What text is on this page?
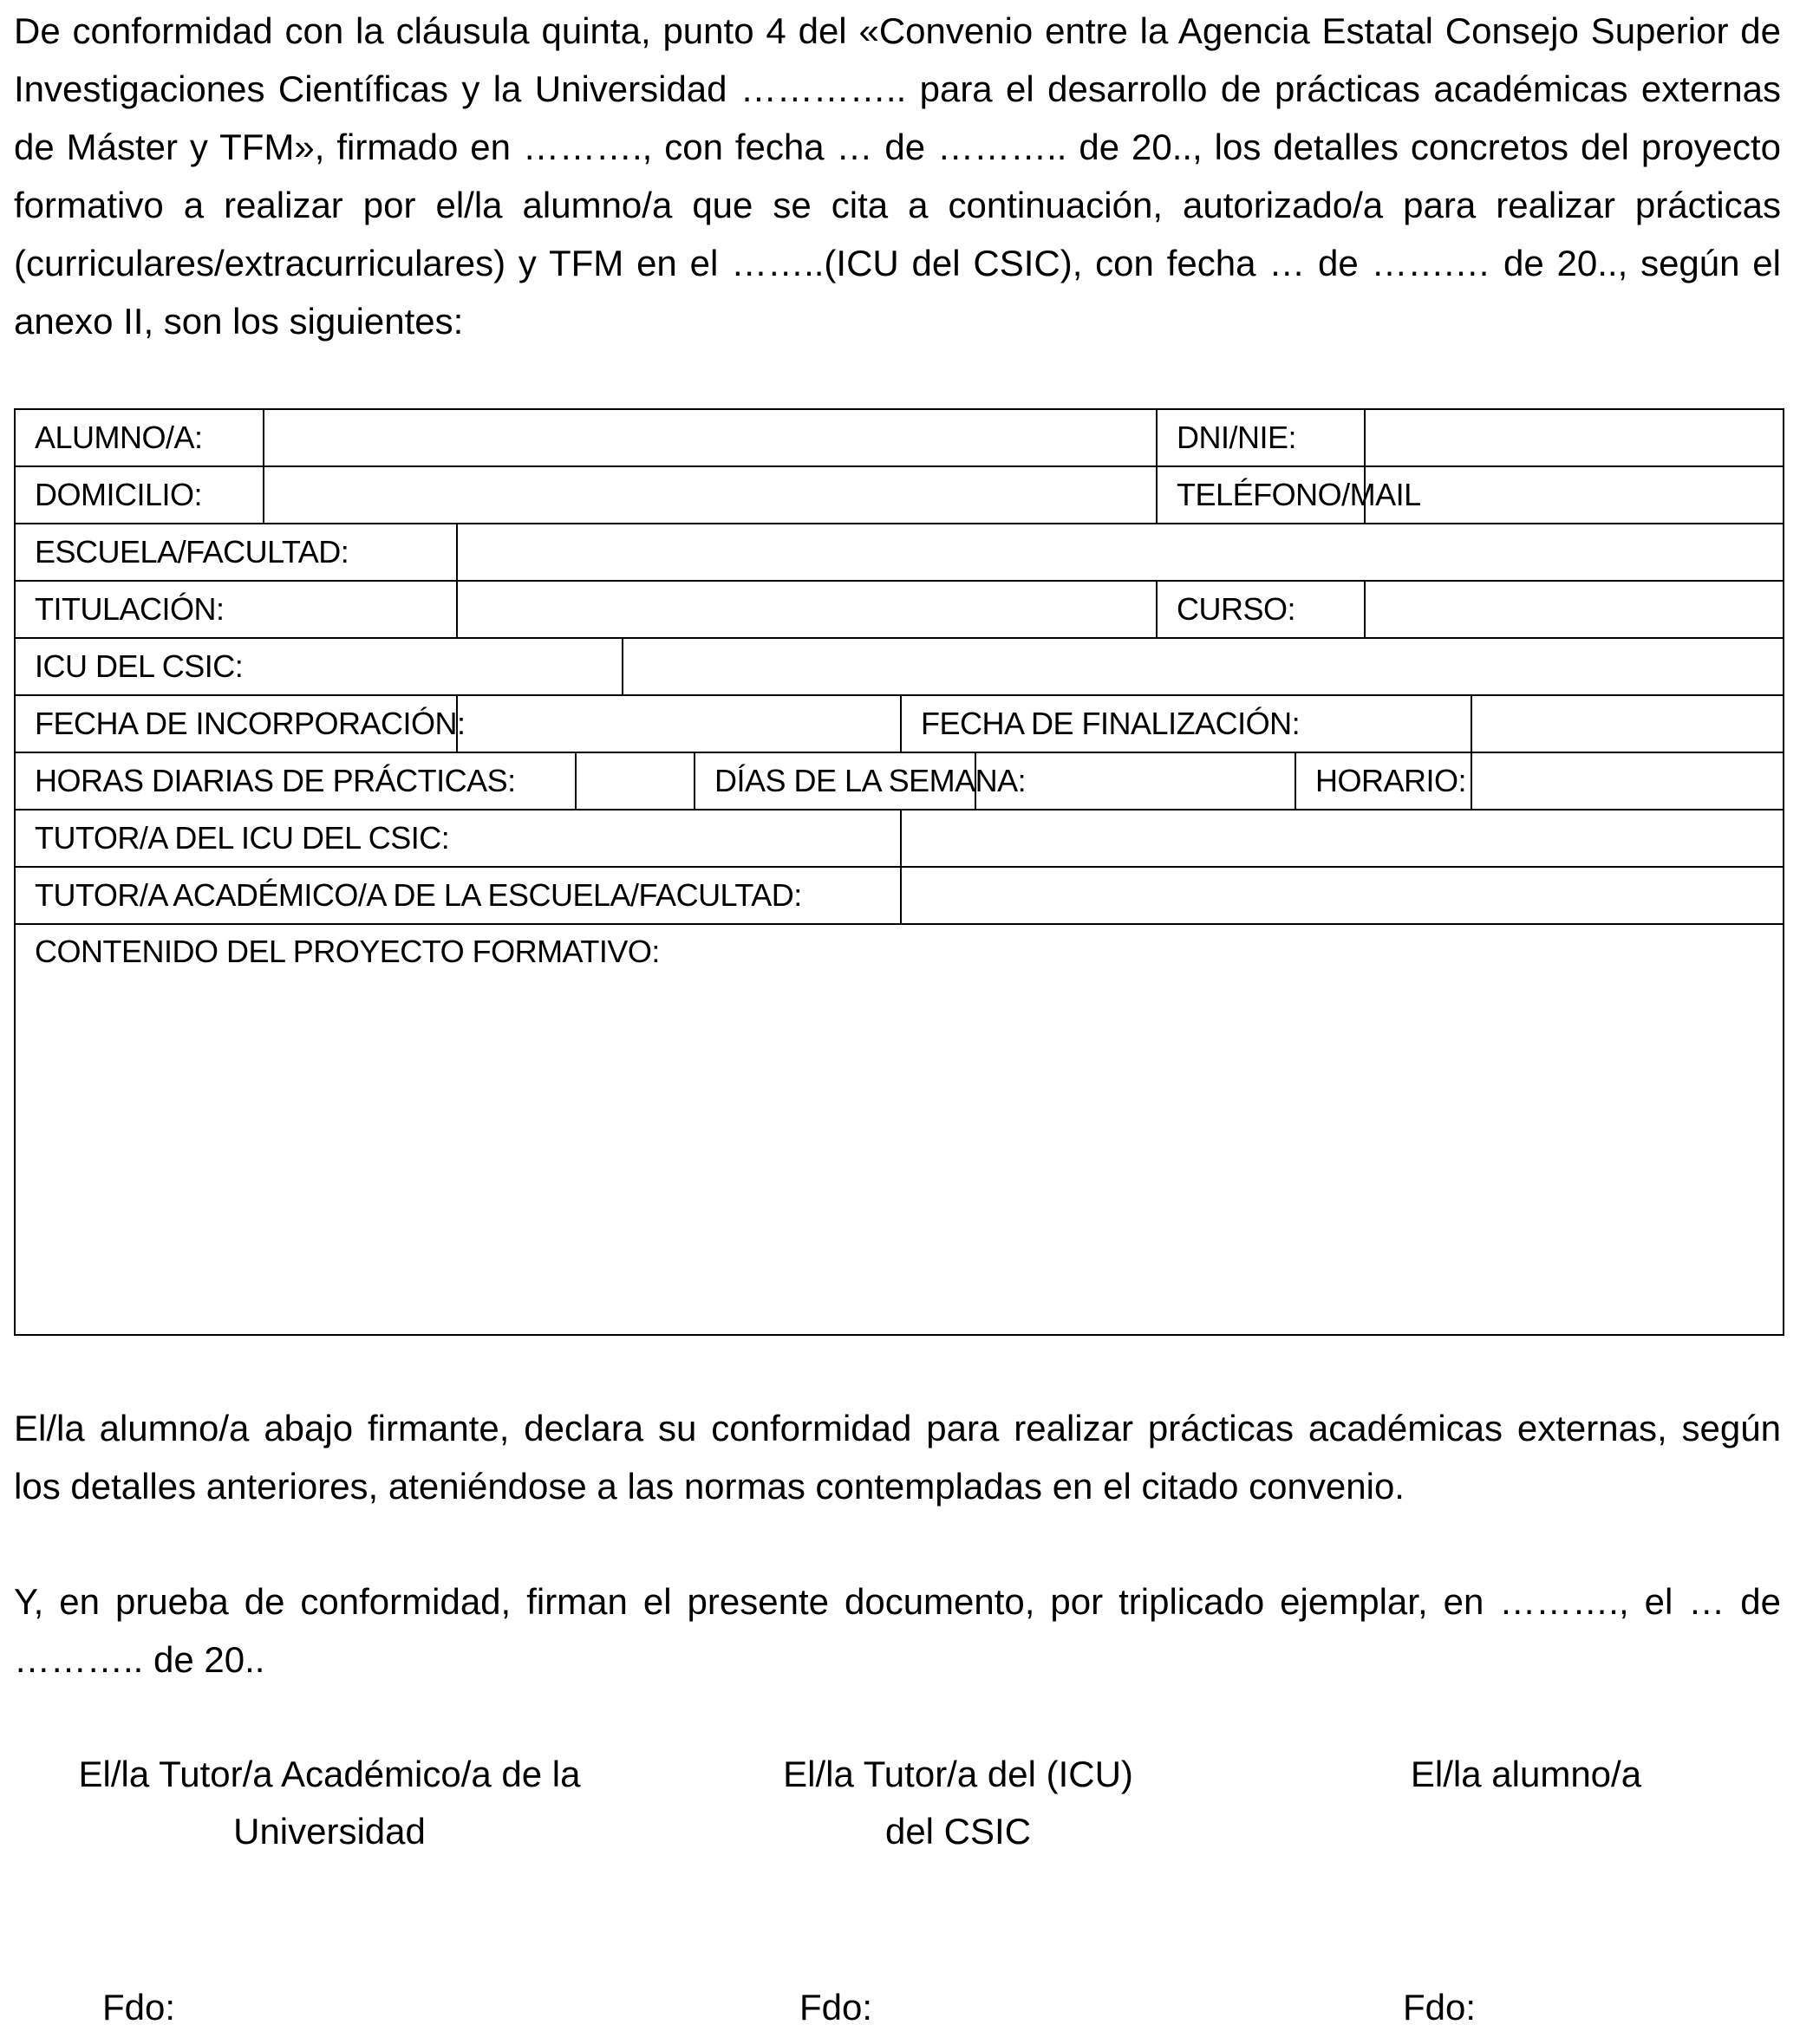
De conformidad con la cláusula quinta, punto 4 del «Convenio entre la Agencia Estatal Consejo Superior de Investigaciones Científicas y la Universidad ………….. para el desarrollo de prácticas académicas externas de Máster y TFM», firmado en ………., con fecha … de ……….. de 20.., los detalles concretos del proyecto formativo a realizar por el/la alumno/a que se cita a continuación, autorizado/a para realizar prácticas (curriculares/extracurriculares) y TFM en el ……..(ICU del CSIC), con fecha … de …….… de 20.., según el anexo II, son los siguientes:

ALUMNO/A:								DNI/NIE:			
DOMICILIO:								TELÉFONO/MAIL			
ESCUELA/FACULTAD:											
TITULACIÓN:								CURSO:			
ICU DEL CSIC:											
FECHA DE INCORPORACIÓN:						FECHA DE FINALIZACIÓN:					
HORAS DIARIAS DE PRÁCTICAS:					DÍAS DE LA SEMANA:				HORARIO:		
TUTOR/A DEL ICU DEL CSIC:											
TUTOR/A ACADÉMICO/A DE LA ESCUELA/FACULTAD:											
CONTENIDO DEL PROYECTO FORMATIVO:											

El/la alumno/a abajo firmante, declara su conformidad para realizar prácticas académicas externas, según los detalles anteriores, ateniéndose a las normas contempladas en el citado convenio.

Y, en prueba de conformidad, firman el presente documento, por triplicado ejemplar, en ………., el … de ……….. de 20..

El/la Tutor/a Académico/a de la
Universidad
El/la Tutor/a del (ICU)
del CSIC
El/la alumno/a
Fdo:	Fdo:	Fdo:
